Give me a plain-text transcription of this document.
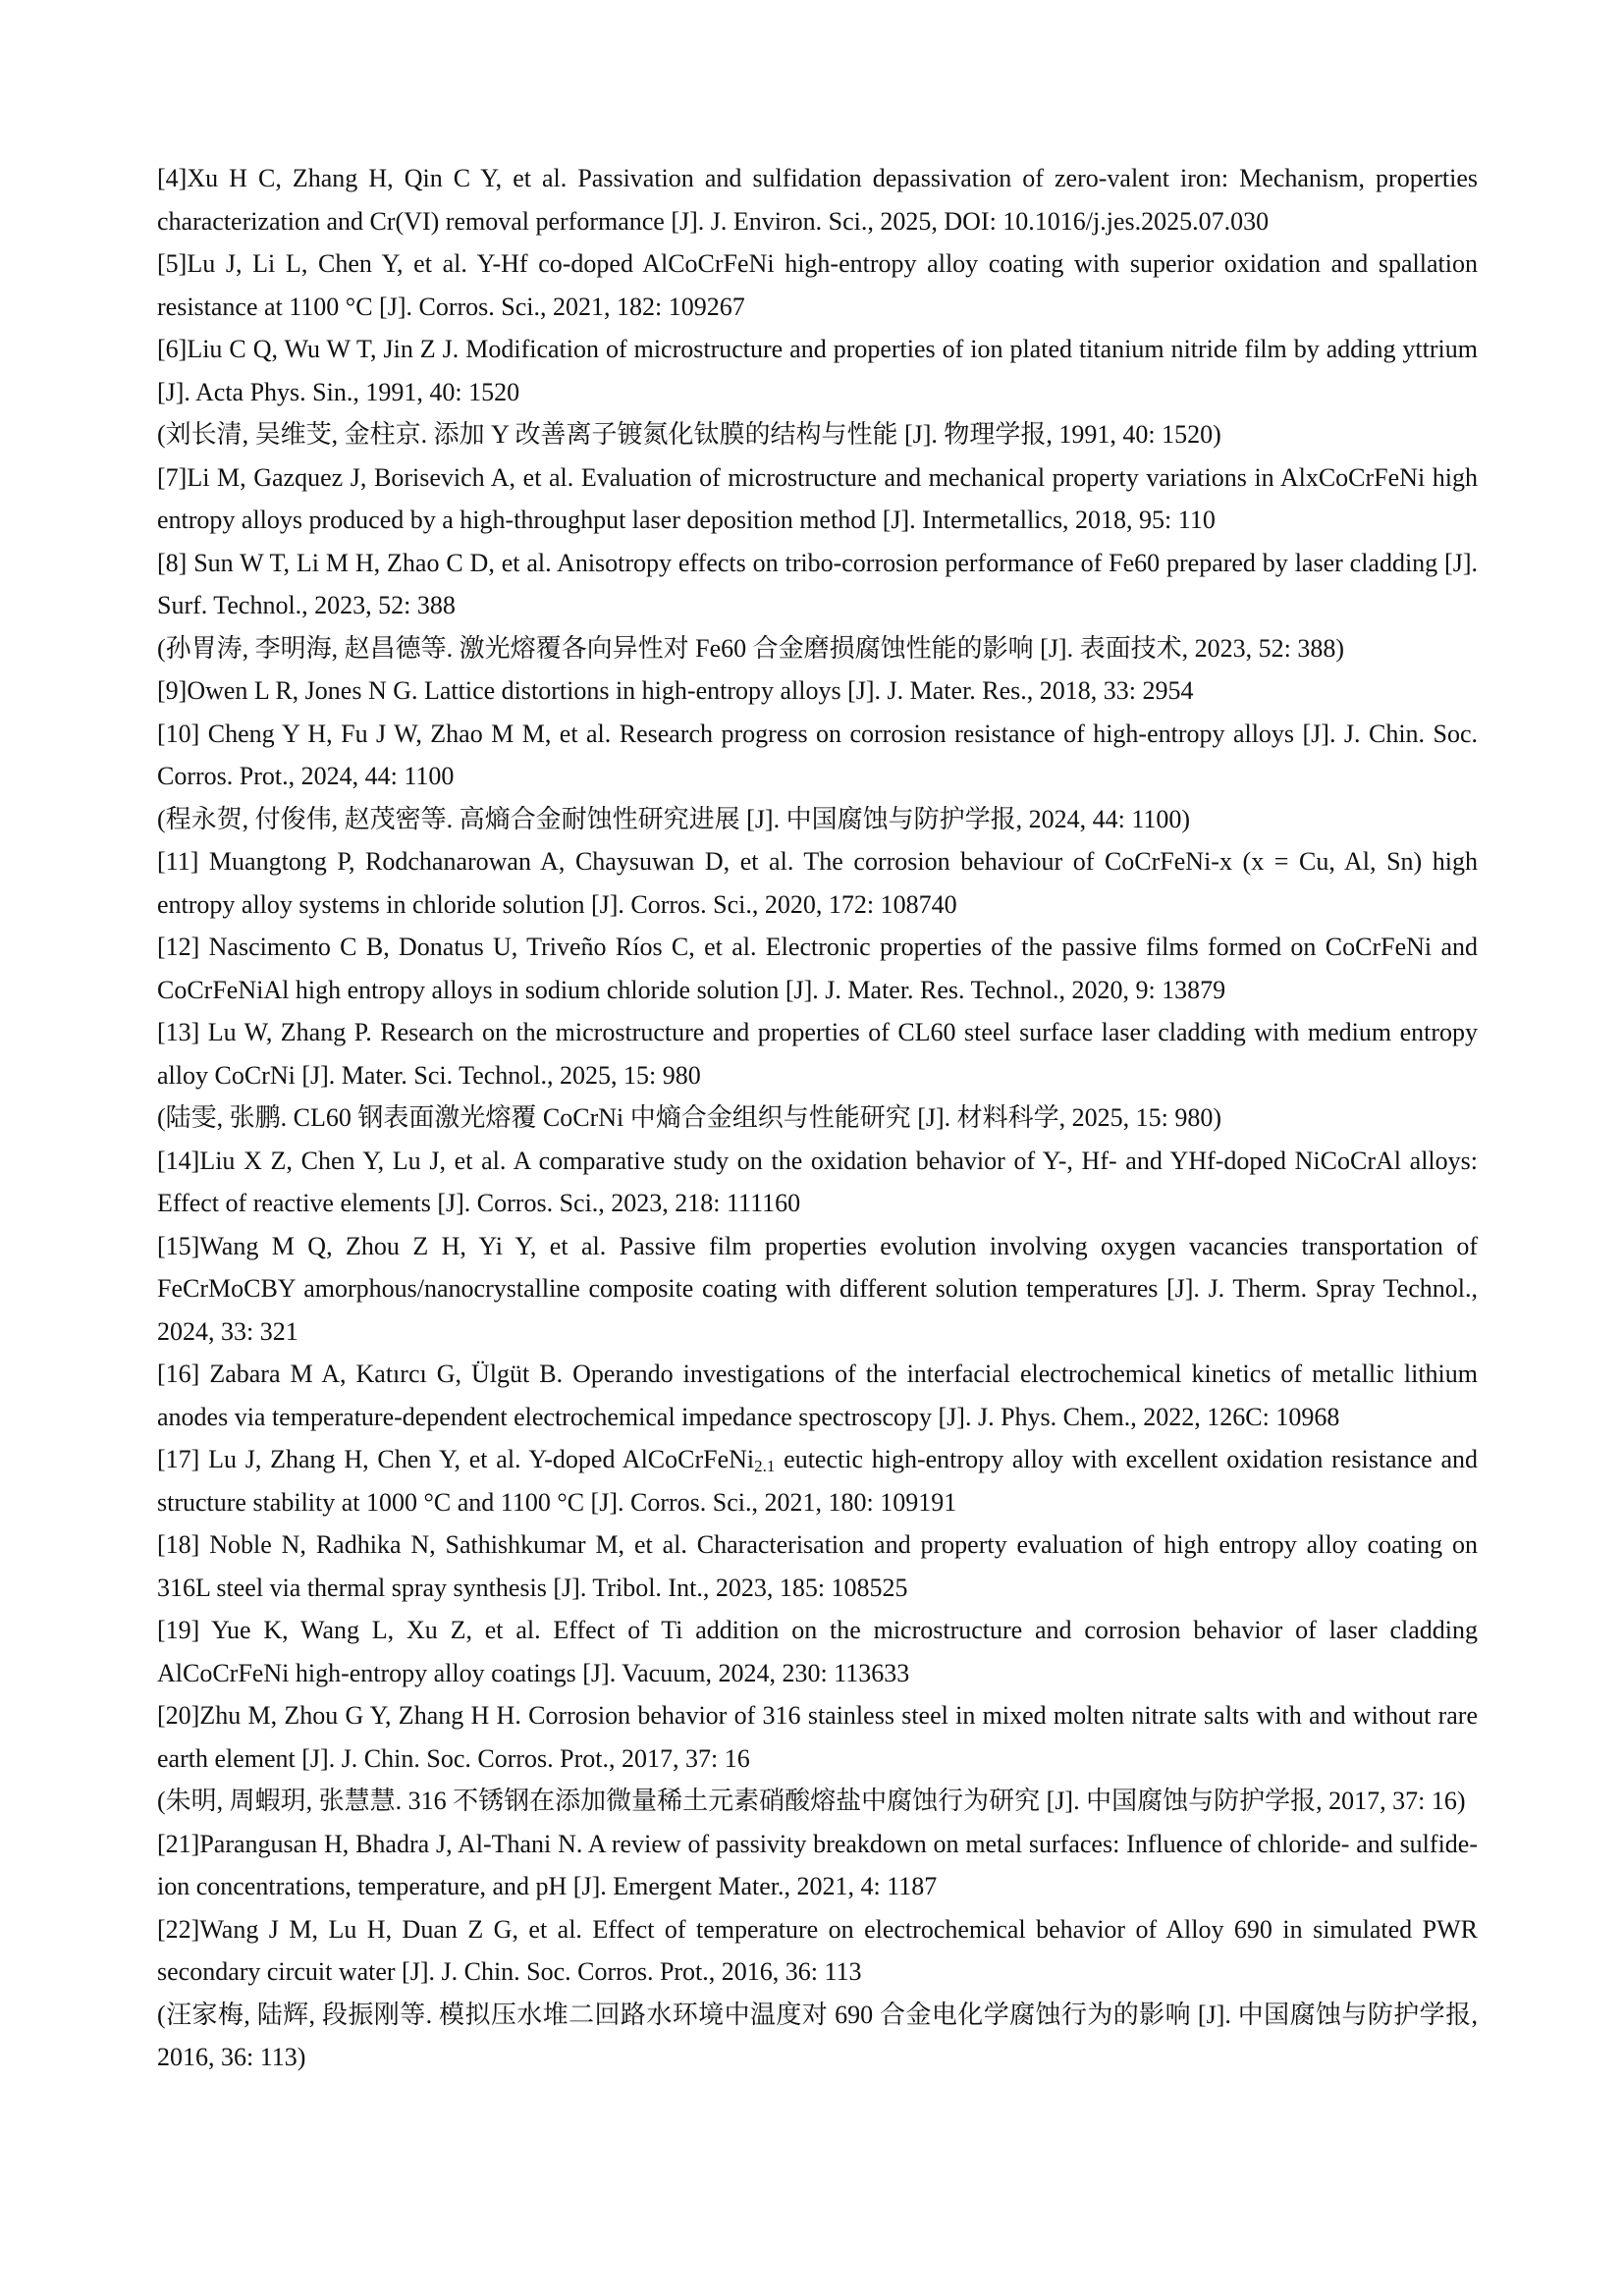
[4]Xu H C, Zhang H, Qin C Y, et al. Passivation and sulfidation depassivation of zero-valent iron: Mechanism, properties characterization and Cr(VI) removal performance [J]. J. Environ. Sci., 2025, DOI: 10.1016/j.jes.2025.07.030

[5]Lu J, Li L, Chen Y, et al. Y-Hf co-doped AlCoCrFeNi high-entropy alloy coating with superior oxidation and spallation resistance at 1100 °C [J]. Corros. Sci., 2021, 182: 109267

[6]Liu C Q, Wu W T, Jin Z J. Modification of microstructure and properties of ion plated titanium nitride film by adding yttrium [J]. Acta Phys. Sin., 1991, 40: 1520

(刘长清, 吴维芠, 金柱京. 添加 Y 改善离子镀氮化钛膜的结构与性能 [J]. 物理学报, 1991, 40: 1520)

[7]Li M, Gazquez J, Borisevich A, et al. Evaluation of microstructure and mechanical property variations in AlxCoCrFeNi high entropy alloys produced by a high-throughput laser deposition method [J]. Intermetallics, 2018, 95: 110

[8] Sun W T, Li M H, Zhao C D, et al. Anisotropy effects on tribo-corrosion performance of Fe60 prepared by laser cladding [J]. Surf. Technol., 2023, 52: 388

(孙胃涛, 李明海, 赵昌德等. 激光熔覆各向异性对 Fe60 合金磨损腐蚀性能的影响 [J]. 表面技术, 2023, 52: 388)

[9]Owen L R, Jones N G. Lattice distortions in high-entropy alloys [J]. J. Mater. Res., 2018, 33: 2954

[10] Cheng Y H, Fu J W, Zhao M M, et al. Research progress on corrosion resistance of high-entropy alloys [J]. J. Chin. Soc. Corros. Prot., 2024, 44: 1100

(程永贺, 付俊伟, 赵茂密等. 高熵合金耐蚀性研究进展 [J]. 中国腐蚀与防护学报, 2024, 44: 1100)

[11] Muangtong P, Rodchanarowan A, Chaysuwan D, et al. The corrosion behaviour of CoCrFeNi-x (x = Cu, Al, Sn) high entropy alloy systems in chloride solution [J]. Corros. Sci., 2020, 172: 108740

[12] Nascimento C B, Donatus U, Triveño Ríos C, et al. Electronic properties of the passive films formed on CoCrFeNi and CoCrFeNiAl high entropy alloys in sodium chloride solution [J]. J. Mater. Res. Technol., 2020, 9: 13879

[13] Lu W, Zhang P. Research on the microstructure and properties of CL60 steel surface laser cladding with medium entropy alloy CoCrNi [J]. Mater. Sci. Technol., 2025, 15: 980

(陆雯, 张鹏. CL60 钢表面激光熔覆 CoCrNi 中熵合金组织与性能研究 [J]. 材料科学, 2025, 15: 980)

[14]Liu X Z, Chen Y, Lu J, et al. A comparative study on the oxidation behavior of Y-, Hf- and YHf-doped NiCoCrAl alloys: Effect of reactive elements [J]. Corros. Sci., 2023, 218: 111160

[15]Wang M Q, Zhou Z H, Yi Y, et al. Passive film properties evolution involving oxygen vacancies transportation of FeCrMoCBY amorphous/nanocrystalline composite coating with different solution temperatures [J]. J. Therm. Spray Technol., 2024, 33: 321

[16] Zabara M A, Katırcı G, Ülgüt B. Operando investigations of the interfacial electrochemical kinetics of metallic lithium anodes via temperature-dependent electrochemical impedance spectroscopy [J]. J. Phys. Chem., 2022, 126C: 10968

[17] Lu J, Zhang H, Chen Y, et al. Y-doped AlCoCrFeNi$_{2.1}$ eutectic high-entropy alloy with excellent oxidation resistance and structure stability at 1000 °C and 1100 °C [J]. Corros. Sci., 2021, 180: 109191

[18] Noble N, Radhika N, Sathishkumar M, et al. Characterisation and property evaluation of high entropy alloy coating on 316L steel via thermal spray synthesis [J]. Tribol. Int., 2023, 185: 108525

[19] Yue K, Wang L, Xu Z, et al. Effect of Ti addition on the microstructure and corrosion behavior of laser cladding AlCoCrFeNi high-entropy alloy coatings [J]. Vacuum, 2024, 230: 113633

[20]Zhu M, Zhou G Y, Zhang H H. Corrosion behavior of 316 stainless steel in mixed molten nitrate salts with and without rare earth element [J]. J. Chin. Soc. Corros. Prot., 2017, 37: 16

(朱明, 周蝦玥, 张慧慧. 316 不锈钢在添加微量稀土元素硝酸熔盐中腐蚀行为研究 [J]. 中国腐蚀与防护学报, 2017, 37: 16)

[21]Parangusan H, Bhadra J, Al-Thani N. A review of passivity breakdown on metal surfaces: Influence of chloride- and sulfide-ion concentrations, temperature, and pH [J]. Emergent Mater., 2021, 4: 1187

[22]Wang J M, Lu H, Duan Z G, et al. Effect of temperature on electrochemical behavior of Alloy 690 in simulated PWR secondary circuit water [J]. J. Chin. Soc. Corros. Prot., 2016, 36: 113

(汪家梅, 陆辉, 段振刚等. 模拟压水堆二回路水环境中温度对 690 合金电化学腐蚀行为的影响 [J]. 中国腐蚀与防护学报, 2016, 36: 113)
